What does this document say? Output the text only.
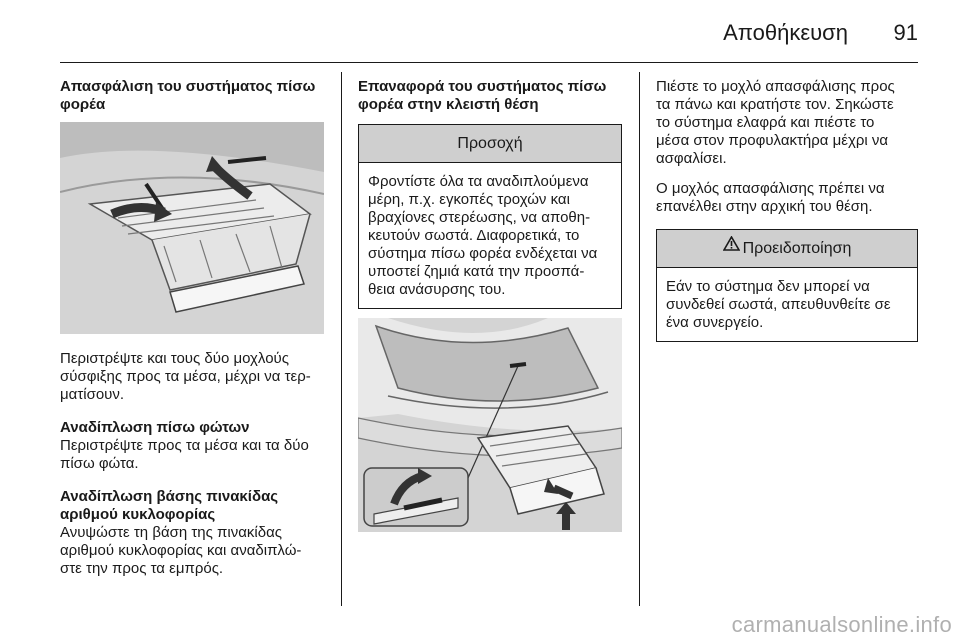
Αποθήκευση 91
Απασφάλιση του συστήματος πίσω
φορέα
Περιστρέψτε και τους δύο μοχλούς
σύσφιξης προς τα μέσα, μέχρι να τερ-
ματίσουν.
Αναδίπλωση πίσω φώτων
Περιστρέψτε προς τα μέσα και τα δύο
πίσω φώτα.
Αναδίπλωση βάσης πινακίδας
αριθμού κυκλοφορίας
Ανυψώστε τη βάση της πινακίδας
αριθμού κυκλοφορίας και αναδιπλώ-
στε την προς τα εμπρός.
Επαναφορά του συστήματος πίσω
φορέα στην κλειστή θέση
Προσοχή
Φροντίστε όλα τα αναδιπλούμενα
μέρη, π.χ. εγκοπές τροχών και
βραχίονες στερέωσης, να αποθη-
κευτούν σωστά. Διαφορετικά, το
σύστημα πίσω φορέα ενδέχεται να
υποστεί ζημιά κατά την προσπά-
θεια ανάσυρσης του.
Πιέστε το μοχλό απασφάλισης προς
τα πάνω και κρατήστε τον. Σηκώστε
το σύστημα ελαφρά και πιέστε το
μέσα στον προφυλακτήρα μέχρι να
ασφαλίσει.
Ο μοχλός απασφάλισης πρέπει να
επανέλθει στην αρχική του θέση.
Προειδοποίηση
Εάν το σύστημα δεν μπορεί να
συνδεθεί σωστά, απευθυνθείτε σε
ένα συνεργείο.
carmanualsonline.info
